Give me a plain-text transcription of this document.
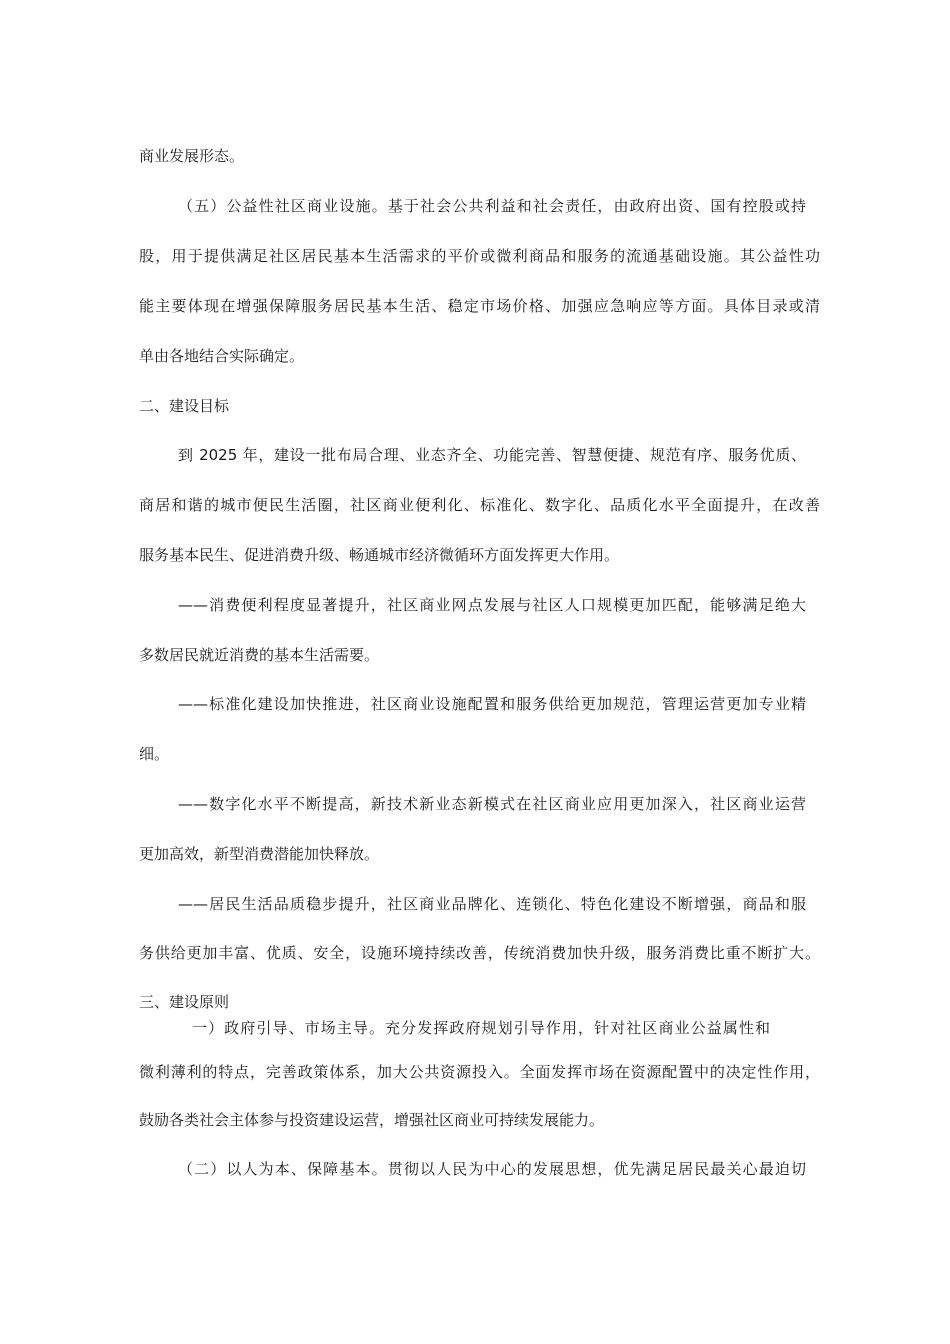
商业发展形态。

（五）公益性社区商业设施。基于社会公共利益和社会责任，由政府出资、国有控股或持

股，用于提供满足社区居民基本生活需求的平价或微利商品和服务的流通基础设施。其公益性功

能主要体现在增强保障服务居民基本生活、稳定市场价格、加强应急响应等方面。具体目录或清

单由各地结合实际确定。

二、建设目标

到 2025 年，建设一批布局合理、业态齐全、功能完善、智慧便捷、规范有序、服务优质、

商居和谐的城市便民生活圈，社区商业便利化、标准化、数字化、品质化水平全面提升，在改善

服务基本民生、促进消费升级、畅通城市经济微循环方面发挥更大作用。

——消费便利程度显著提升，社区商业网点发展与社区人口规模更加匹配，能够满足绝大

多数居民就近消费的基本生活需要。

——标准化建设加快推进，社区商业设施配置和服务供给更加规范，管理运营更加专业精

细。

——数字化水平不断提高，新技术新业态新模式在社区商业应用更加深入，社区商业运营

更加高效，新型消费潜能加快释放。

——居民生活品质稳步提升，社区商业品牌化、连锁化、特色化建设不断增强，商品和服

务供给更加丰富、优质、安全，设施环境持续改善，传统消费加快升级，服务消费比重不断扩大。

三、建设原则

一）政府引导、市场主导。充分发挥政府规划引导作用，针对社区商业公益属性和

微利薄利的特点，完善政策体系，加大公共资源投入。全面发挥市场在资源配置中的决定性作用，

鼓励各类社会主体参与投资建设运营，增强社区商业可持续发展能力。

（二）以人为本、保障基本。贯彻以人民为中心的发展思想，优先满足居民最关心最迫切
